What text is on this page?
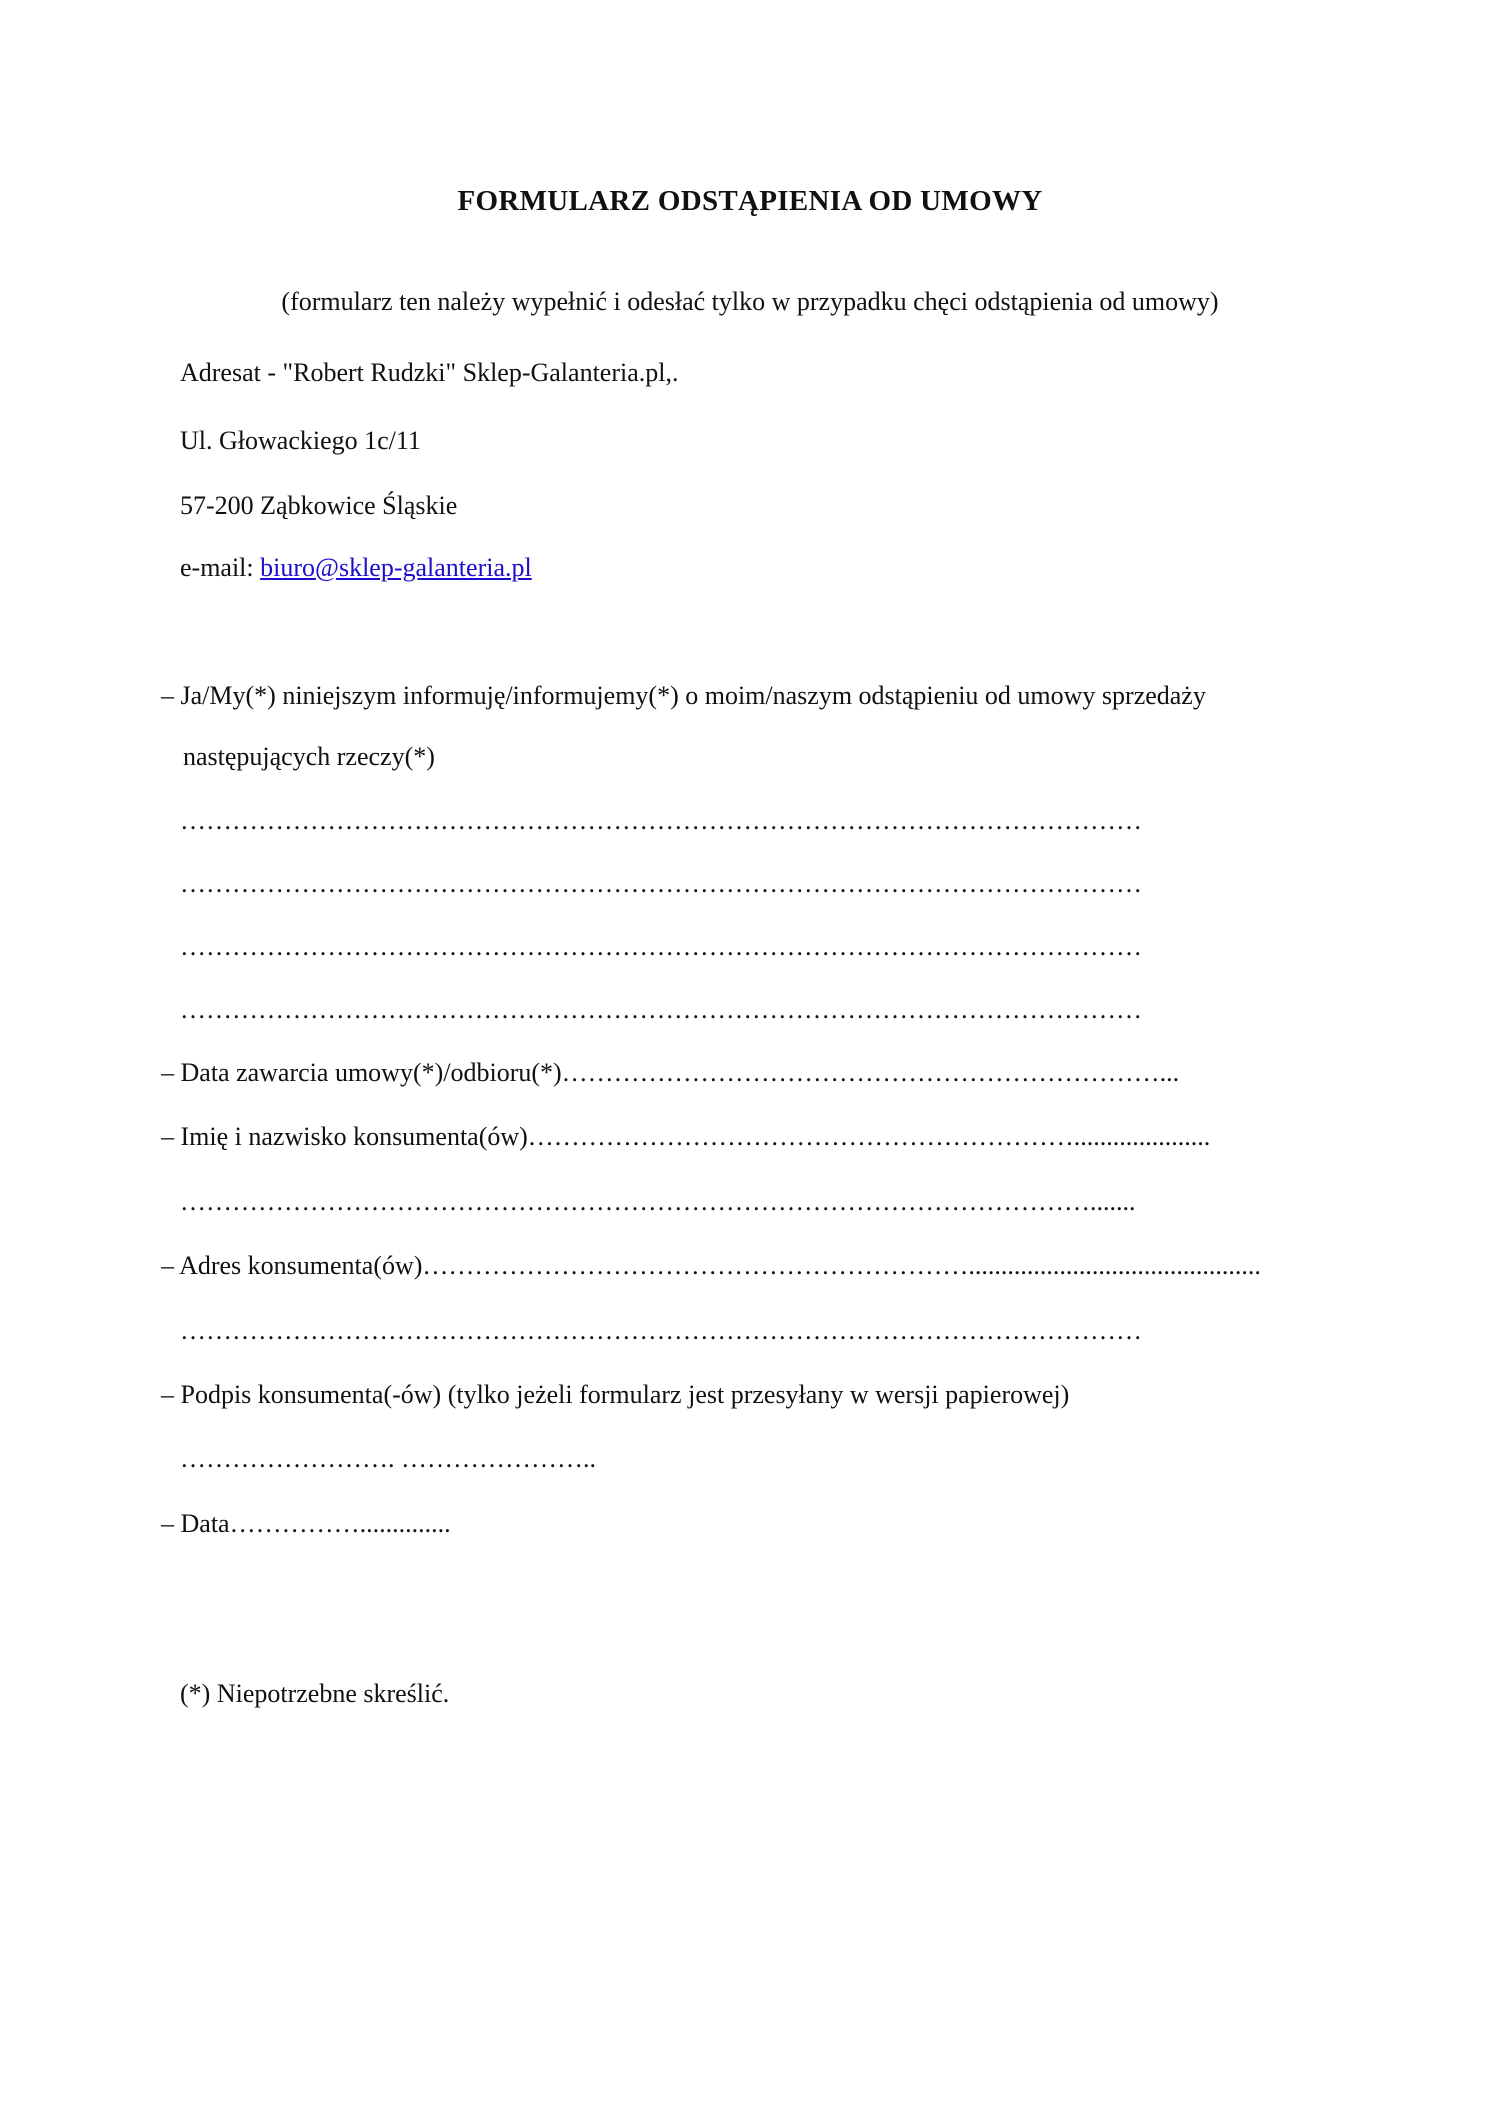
FORMULARZ ODSTĄPIENIA OD UMOWY
(formularz ten należy wypełnić i odesłać tylko w przypadku chęci odstąpienia od umowy)
Adresat - "Robert Rudzki" Sklep-Galanteria.pl,.
Ul. Głowackiego 1c/11
57-200 Ząbkowice Śląskie
e-mail: biuro@sklep-galanteria.pl
– Ja/My(*) niniejszym informuję/informujemy(*) o moim/naszym odstąpieniu od umowy sprzedaży
następujących rzeczy(*)
…………………………………………………………………………………………………
…………………………………………………………………………………………………
…………………………………………………………………………………………………
…………………………………………………………………………………………………
– Data zawarcia umowy(*)/odbioru(*)……………………………………………………………...
– Imię i nazwisko konsumenta(ów)……………………………………………………….....................
…………………………………………………………………………………………….......
– Adres konsumenta(ów)……………………………………………………….............................................
…………………………………………………………………………………………………
– Podpis konsumenta(-ów) (tylko jeżeli formularz jest przesyłany w wersji papierowej)
……………………. …………………..
– Data……………..............
(*) Niepotrzebne skreślić.
